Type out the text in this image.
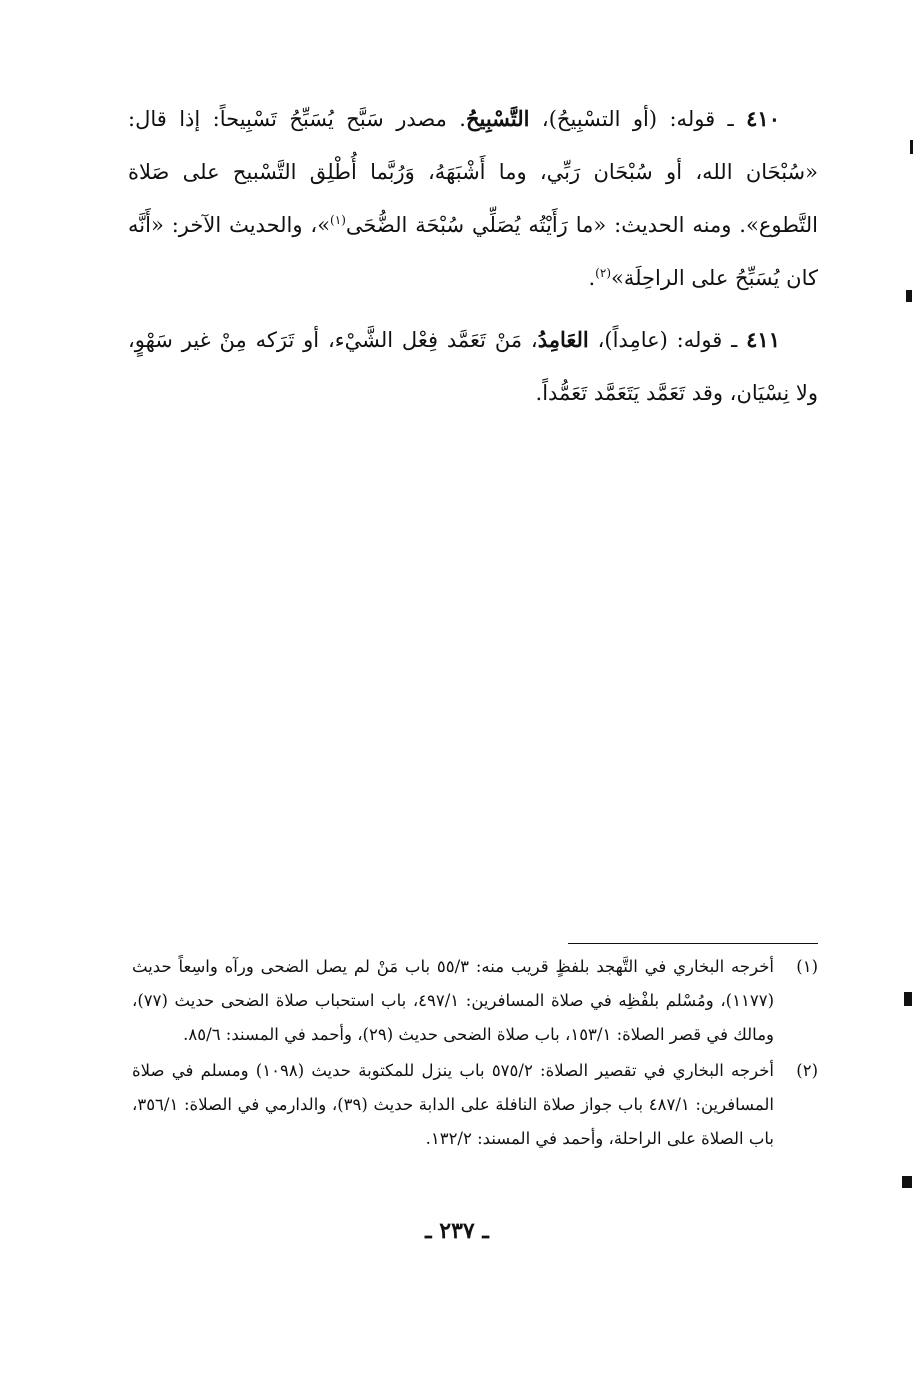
٤١٠ ـ قوله: (أو التسْبِيحُ)، التَّسْبِيحُ. مصدر سَبَّح يُسَبِّحُ تَسْبِيحاً: إذا قال: «سُبْحَان الله، أو سُبْحَان رَبِّي، وما أَشْبَهَهُ، وَرُبَّما أُطْلِق التَّسْبيح على صَلاة التَّطوع». ومنه الحديث: «ما رَأَيْتُه يُصَلِّي سُبْحَة الضُّحَى$^{(١)}$»، والحديث الآخر: «أَنَّه كان يُسَبِّحُ على الراحِلَة»$^{(٢)}$.

٤١١ ـ قوله: (عامِداً)، العَامِدُ، مَنْ تَعَمَّد فِعْل الشَّيْء، أو تَرَكه مِنْ غير سَهْوٍ، ولا نِسْيَان، وقد تَعَمَّد يَتَعَمَّد تَعَمُّداً.

(١)
أخرجه البخاري في التَّهجد بلفظٍ قريب منه: ٥٥/٣ باب مَنْ لم يصل الضحى ورآه واسِعاً حديث (١١٧٧)، ومُسْلم بلفْظِه في صلاة المسافرين: ٤٩٧/١، باب استحباب صلاة الضحى حديث (٧٧)، ومالك في قصر الصلاة: ١٥٣/١، باب صلاة الضحى حديث (٢٩)، وأحمد في المسند: ٨٥/٦.

(٢)
أخرجه البخاري في تقصير الصلاة: ٥٧٥/٢ باب ينزل للمكتوبة حديث (١٠٩٨) ومسلم في صلاة المسافرين: ٤٨٧/١ باب جواز صلاة النافلة على الدابة حديث (٣٩)، والدارمي في الصلاة: ٣٥٦/١، باب الصلاة على الراحلة، وأحمد في المسند: ١٣٢/٢.

ـ ٢٣٧ ـ
